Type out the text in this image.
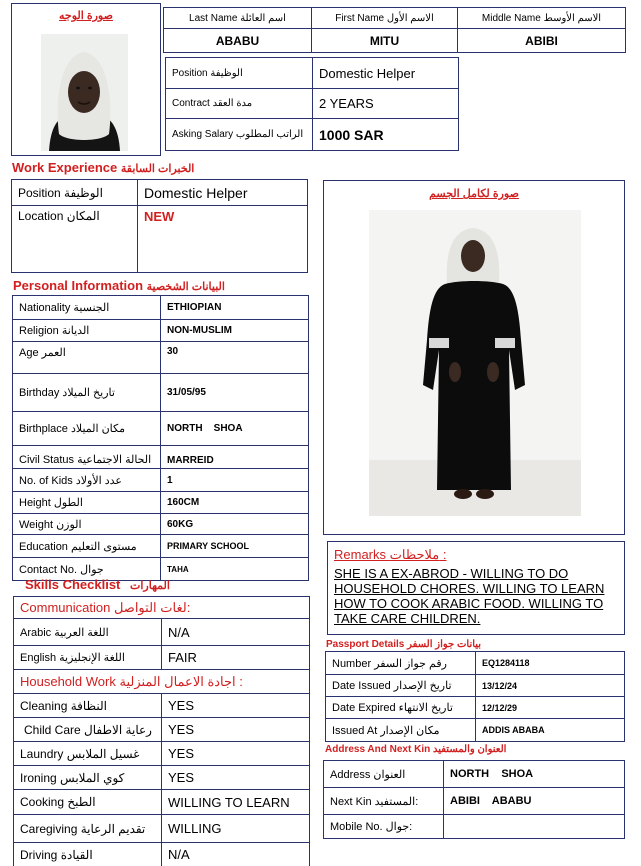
صورة الوجه	Last Name اسم العائلة	First Name الاسم الأول	Middle Name الاسم الأوسط
ABABU	MITU	ABIBI
Position الوظيفة	Domestic Helper
Contract مدة العقد	2 YEARS
Asking Salary الراتب المطلوب	1000 SAR
Work Experience الخبرات السابقة
Position الوظيفة	Domestic Helper
Location المكان	NEW
Personal Information البيانات الشخصية
Nationality الجنسية	ETHIOPIAN
Religion الديانة	NON-MUSLIM
Age العمر	30
Birthday تاريخ الميلاد	31/05/95
Birthplace مكان الميلاد	NORTH    SHOA
Civil Status الحالة الاجتماعية	MARREID
No. of Kids عدد الأولاد	1
Height الطول	160CM
Weight الوزن	60KG
Education مستوى التعليم	PRIMARY SCHOOL
Contact No. جوال	TAHA
Skills Checklist المهارات
Communication لغات التواصل:	
Arabic اللغة العربية	N/A
English اللغة الإنجليزية	FAIR
Household Work اجادة الاعمال المنزلية :	
Cleaning النظافة	YES
Child Care رعاية الاطفال	YES
Laundry غسيل الملابس	YES
Ironing كوي الملابس	YES
Cooking الطبخ	WILLING TO LEARN
Caregiving تقديم الرعاية	WILLING
Driving القيادة	N/A
صورة لكامل الجسم
Remarks ملاحظات :
SHE IS A EX-ABROD - WILLING TO DO HOUSEHOLD CHORES. WILLING TO LEARN HOW TO COOK ARABIC FOOD. WILLING TO TAKE CARE CHILDREN.
Passport Details بيانات جواز السفر
Number رقم جواز السفر	EQ1284118
Date Issued تاريخ الإصدار	13/12/24
Date Expired تاريخ الانتهاء	12/12/29
Issued At مكان الإصدار	ADDIS ABABA
Address And Next Kin العنوان والمستفيد
Address العنوان	NORTH    SHOA
Next Kin المستفيد:	ABIBI    ABABU
Mobile No. جوال:	
